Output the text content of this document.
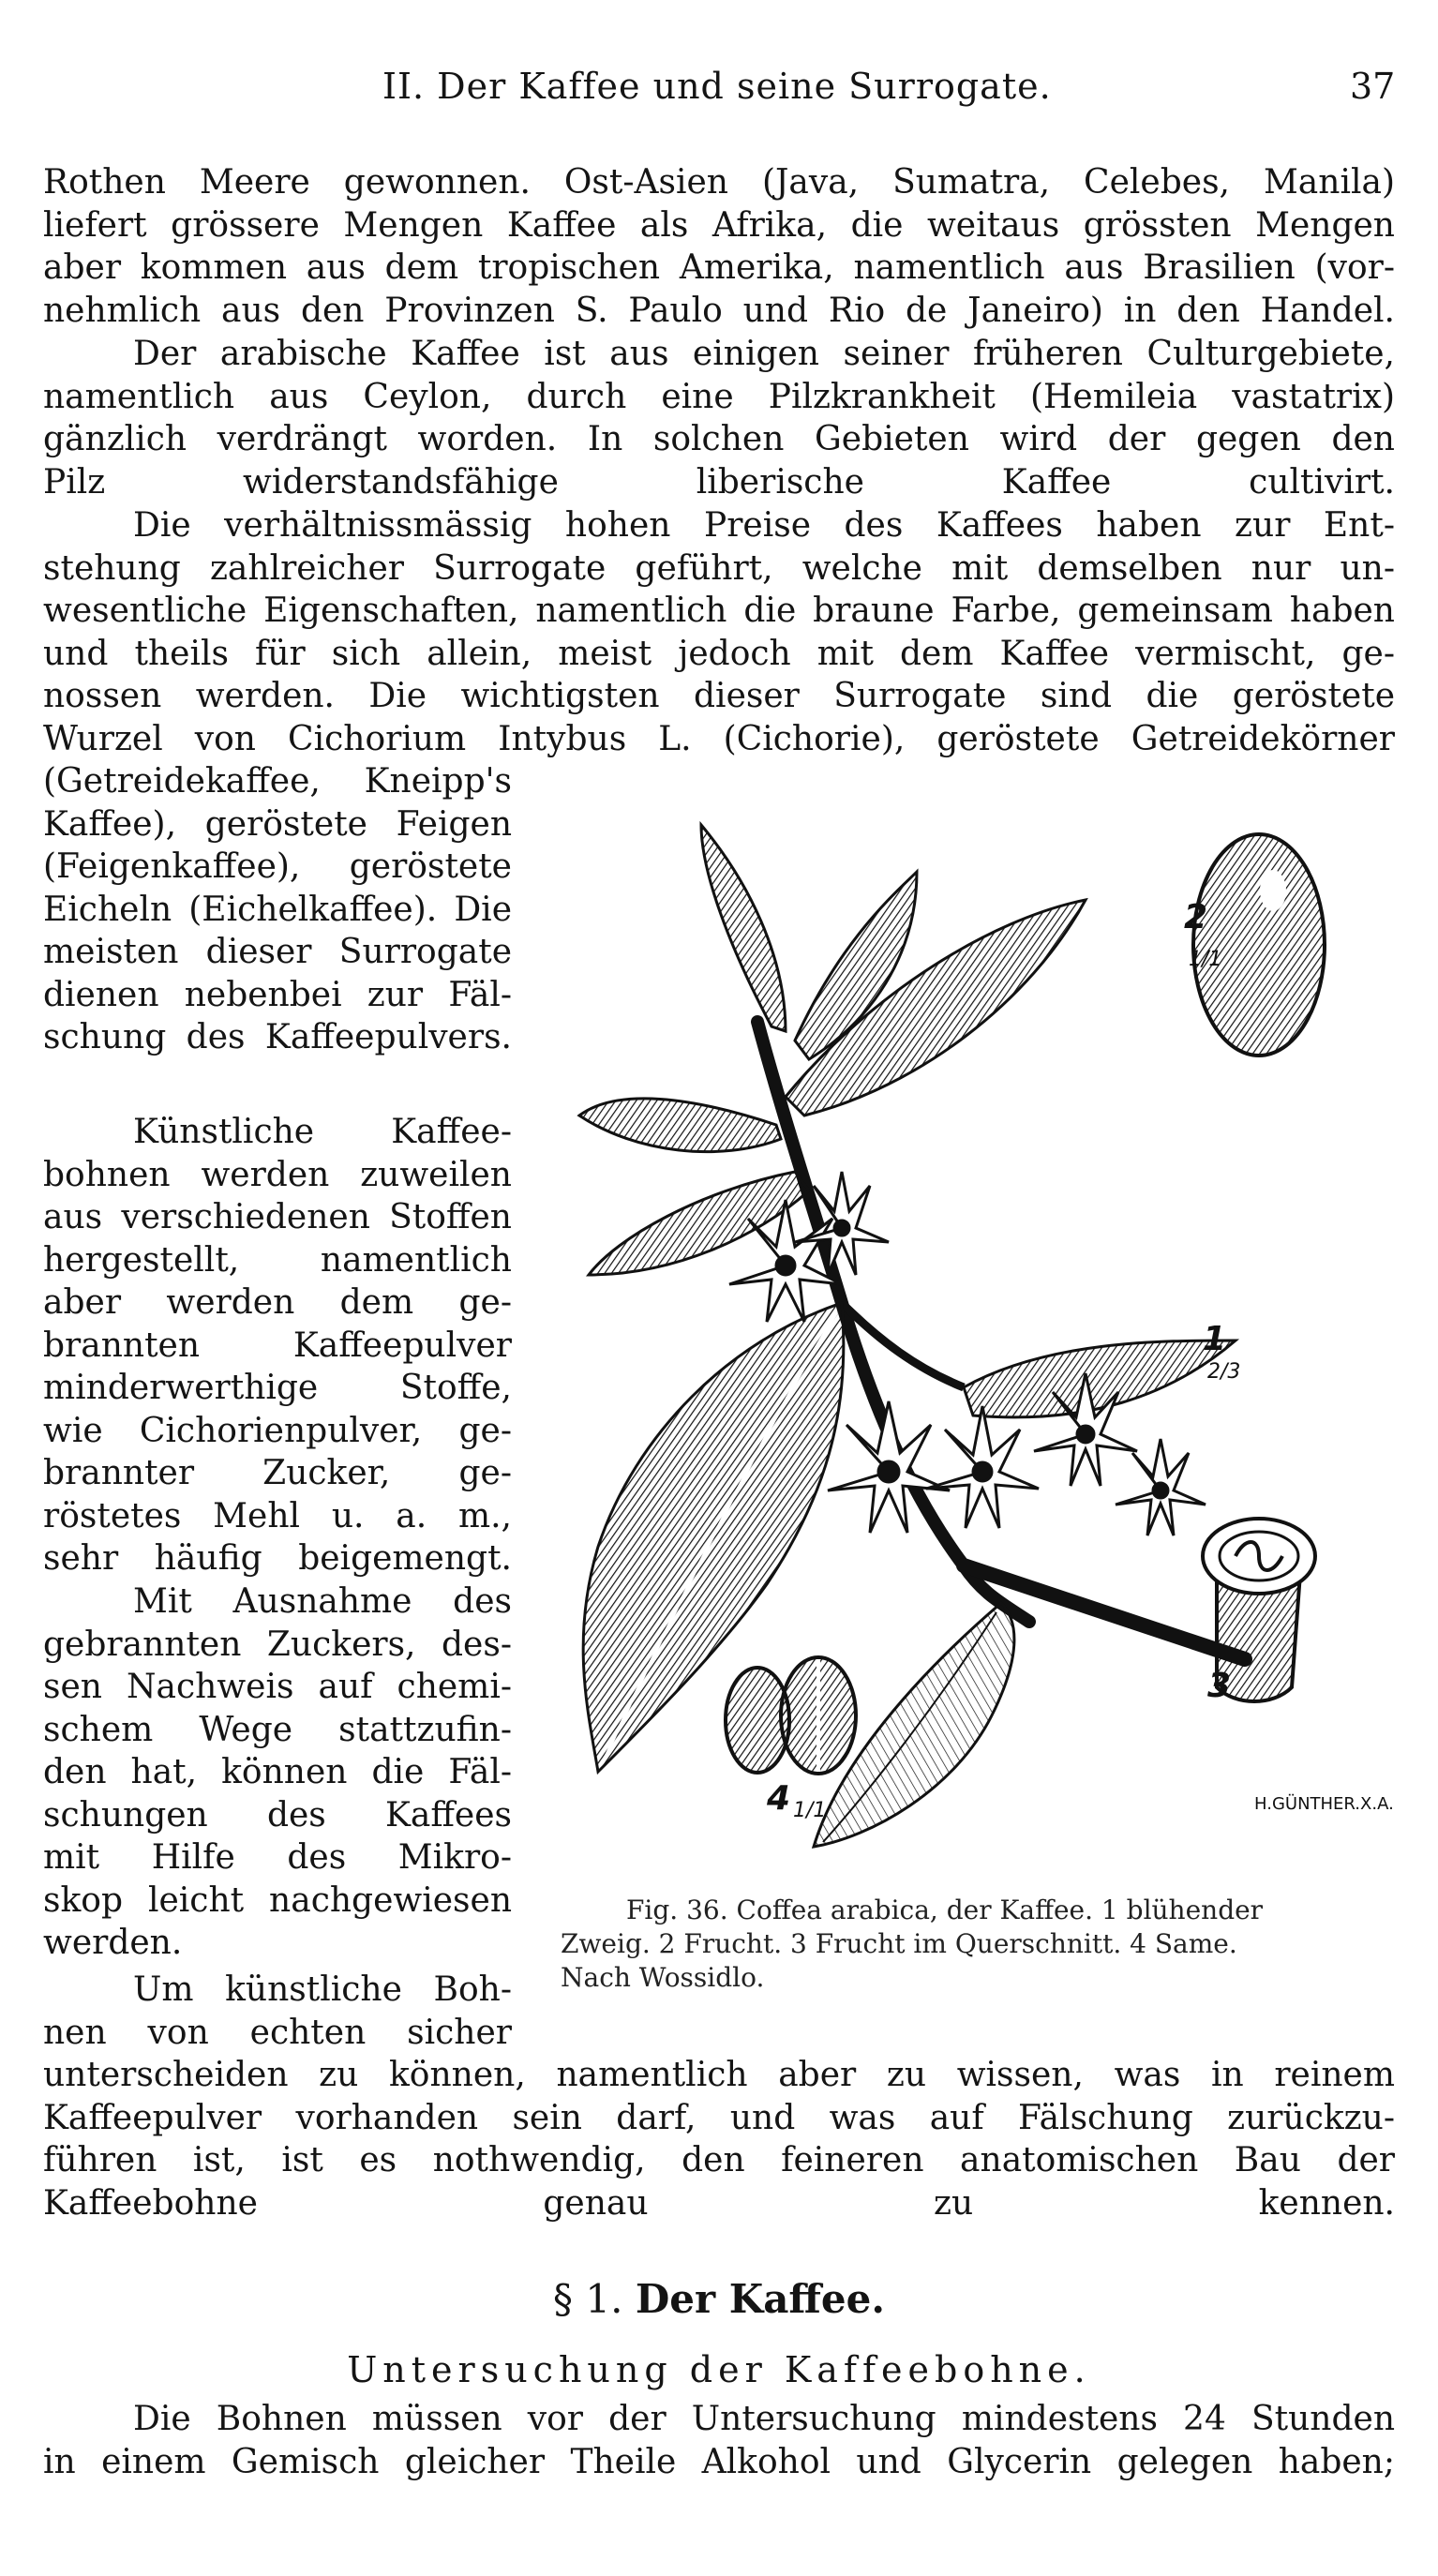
II. Der Kaffee und seine Surrogate.	37
Rothen Meere gewonnen. Ost-Asien (Java, Sumatra, Celebes, Manila)
liefert grössere Mengen Kaffee als Afrika, die weitaus grössten Mengen
aber kommen aus dem tropischen Amerika, namentlich aus Brasilien (vor-
nehmlich aus den Provinzen S. Paulo und Rio de Janeiro) in den Handel.
Der arabische Kaffee ist aus einigen seiner früheren Culturgebiete,
namentlich aus Ceylon, durch eine Pilzkrankheit (Hemileia vastatrix)
gänzlich verdrängt worden. In solchen Gebieten wird der gegen den
Pilz widerstandsfähige liberische Kaffee cultivirt.
Die verhältnissmässig hohen Preise des Kaffees haben zur Ent-
stehung zahlreicher Surrogate geführt, welche mit demselben nur un-
wesentliche Eigenschaften, namentlich die braune Farbe, gemeinsam haben
und theils für sich allein, meist jedoch mit dem Kaffee vermischt, ge-
nossen werden. Die wichtigsten dieser Surrogate sind die geröstete
Wurzel von Cichorium Intybus L. (Cichorie), geröstete Getreidekörner
(Getreidekaffee, Kneipp's
Kaffee), geröstete Feigen
(Feigenkaffee), geröstete
Eicheln (Eichelkaffee). Die
meisten dieser Surrogate
dienen nebenbei zur Fäl-
schung des Kaffeepulvers.
Künstliche Kaffee-
bohnen werden zuweilen
aus verschiedenen Stoffen
hergestellt, namentlich
aber werden dem ge-
brannten Kaffeepulver
minderwerthige Stoffe,
wie Cichorienpulver, ge-
brannter Zucker, ge-
röstetes Mehl u. a. m.,
sehr häufig beigemengt.
Mit Ausnahme des
gebrannten Zuckers, des-
sen Nachweis auf chemi-
schem Wege stattzufin-
den hat, können die Fäl-
schungen des Kaffees
mit Hilfe des Mikro-
skop leicht nachgewiesen
werden.
Um künstliche Boh-
nen von echten sicher
unterscheiden zu können, namentlich aber zu wissen, was in reinem
Kaffeepulver vorhanden sein darf, und was auf Fälschung zurückzu-
führen ist, ist es nothwendig, den feineren anatomischen Bau der
Kaffeebohne genau zu kennen.
2
1/1
1
2/3
3
4 1/1	H.GÜNTHER.X.A.
Fig. 36. Coffea arabica, der Kaffee. 1 blühender
Zweig. 2 Frucht. 3 Frucht im Querschnitt. 4 Same.
Nach Wossidlo.
§ 1. Der Kaffee.
Untersuchung der Kaffeebohne.
Die Bohnen müssen vor der Untersuchung mindestens 24 Stunden
in einem Gemisch gleicher Theile Alkohol und Glycerin gelegen haben;
